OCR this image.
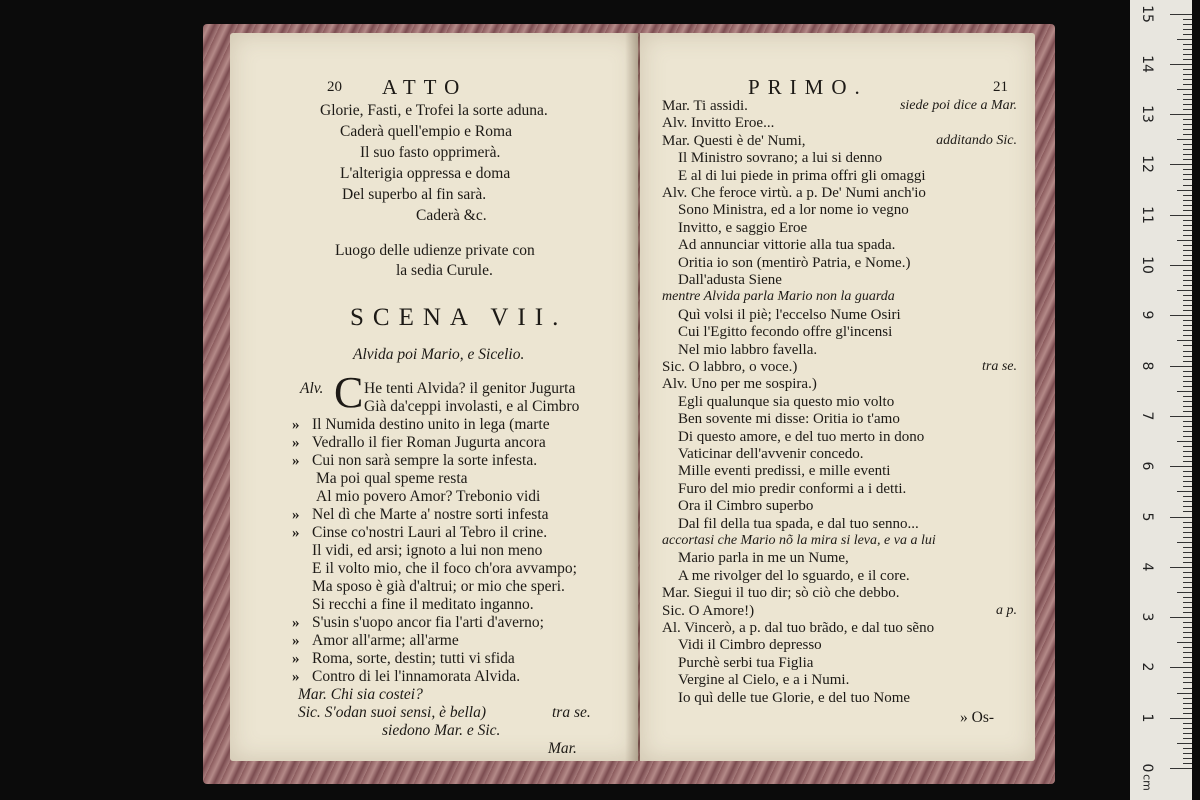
20 ATTO
Glorie, Fasti, e Trofei la sorte aduna.
Caderà quell'empio e Roma
Il suo fasto opprimerà.
L'alterigia oppressa e doma
Del superbo al fin sarà.
Caderà &c.
Luogo delle udienze private con
la sedia Curule.
SCENA VII.
Alvida poi Mario, e Sicelio.
Alv. C He tenti Alvida? il genitor Jugurta
Già da'ceppi involasti, e al Cimbro
» Il Numida destino unito in lega (marte
» Vedrallo il fier Roman Jugurta ancora
» Cui non sarà sempre la sorte infesta.
Ma poi qual speme resta
Al mio povero Amor? Trebonio vidi
» Nel dì che Marte a' nostre sorti infesta
» Cinse co'nostri Lauri al Tebro il crine.
Il vidi, ed arsi; ignoto a lui non meno
E il volto mio, che il foco ch'ora avvampo;
Ma sposo è già d'altrui; or mio che speri.
Si recchi a fine il meditato inganno.
» S'usin s'uopo ancor fia l'arti d'averno;
» Amor all'arme; all'arme
» Roma, sorte, destin; tutti vi sfida
» Contro di lei l'innamorata Alvida.
Mar. Chi sia costei?
Sic. S'odan suoi sensi, è bella)	tra se.
siedono Mar. e Sic.
Mar.
PRIMO.	21
Mar. Ti assidi.	siede poi dice a Mar.
Alv. Invitto Eroe...
Mar. Questi è de' Numi,	additando Sic.
Il Ministro sovrano; a lui si denno
E al di lui piede in prima offri gli omaggi
Alv. Che feroce virtù. a p. De' Numi anch'io
Sono Ministra, ed a lor nome io vegno
Invitto, e saggio Eroe
Ad annunciar vittorie alla tua spada.
Oritia io son (mentirò Patria, e Nome.)
Dall'adusta Siene
mentre Alvida parla Mario non la guarda
Quì volsi il piè; l'eccelso Nume Osiri
Cui l'Egitto fecondo offre gl'incensi
Nel mio labbro favella.
Sic. O labbro, o voce.)	tra se.
Alv. Uno per me sospira.)
Egli qualunque sia questo mio volto
Ben sovente mi disse: Oritia io t'amo
Di questo amore, e del tuo merto in dono
Vaticinar dell'avvenir concedo.
Mille eventi predissi, e mille eventi
Furo del mio predir conformi a i detti.
Ora il Cimbro superbo
Dal fil della tua spada, e dal tuo senno...
accortasi che Mario nõ la mira si leva, e va a lui
Mario parla in me un Nume,
A me rivolger del lo sguardo, e il core.
Mar. Siegui il tuo dir; sò ciò che debbo.
Sic. O Amore!)	a p.
Al. Vincerò, a p. dal tuo brãdo, e dal tuo sẽno
Vidi il Cimbro depresso
Purchè serbi tua Figlia
Vergine al Cielo, e a i Numi.
Io quì delle tue Glorie, e del tuo Nome
» Os-
0
1
2
3
4
5
6
7
8
9
10
11
12
13
14
15
cm
